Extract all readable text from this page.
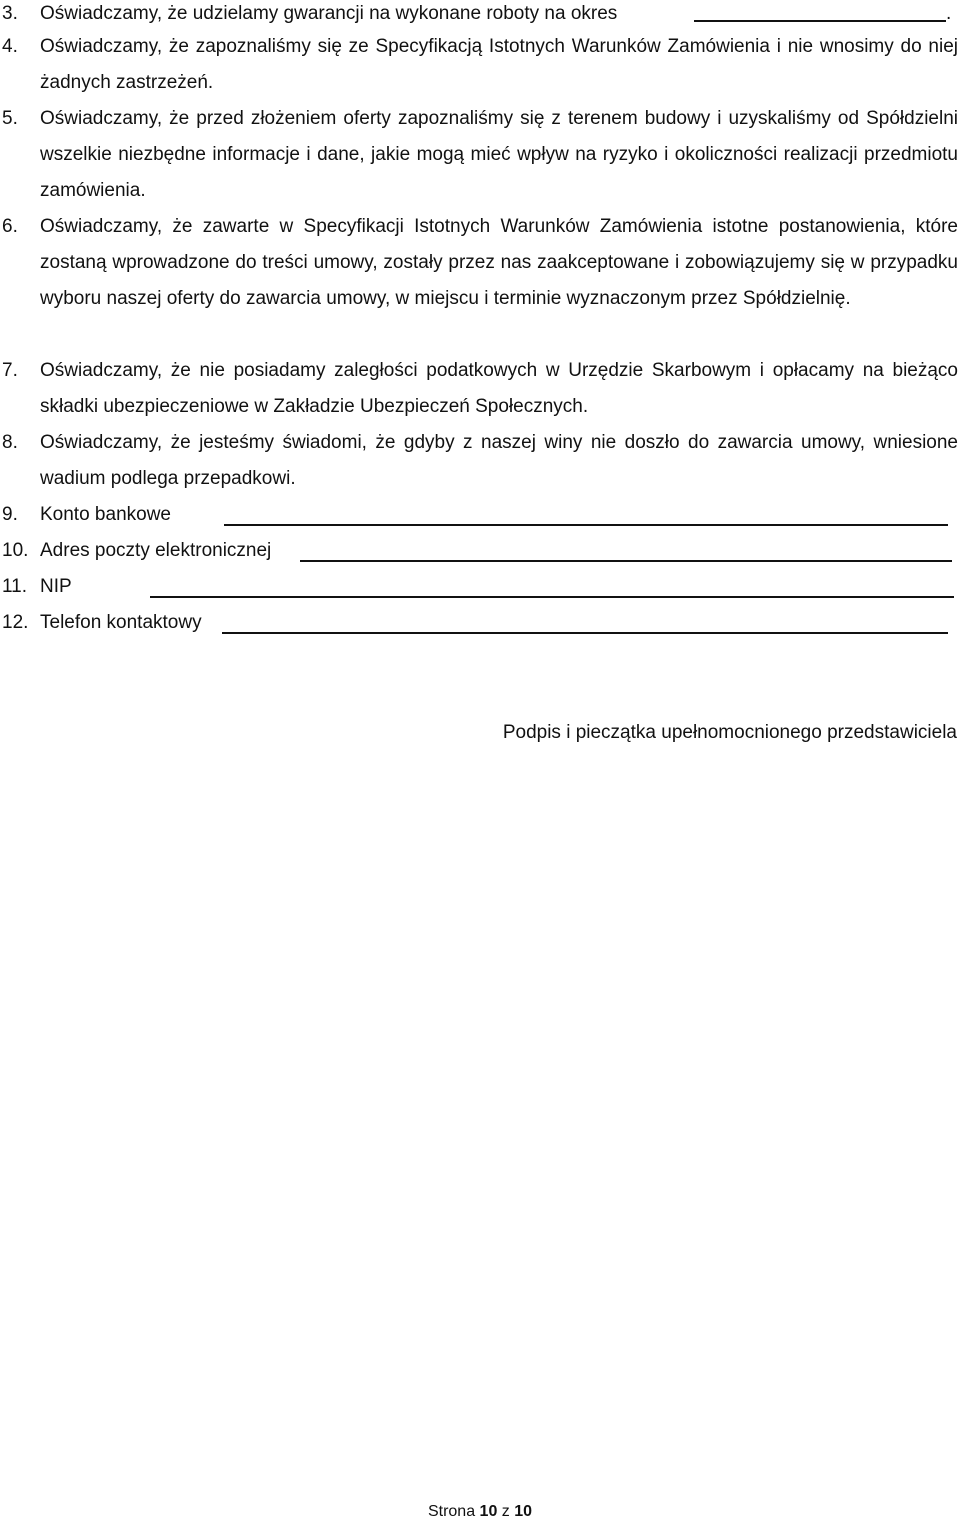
3.	Oświadczamy, że udzielamy gwarancji na wykonane roboty na okres	.
4.	Oświadczamy, że zapoznaliśmy się ze Specyfikacją Istotnych Warunków Zamówienia i nie wnosimy do niej żadnych zastrzeżeń.
5.	Oświadczamy, że przed złożeniem oferty zapoznaliśmy się z terenem budowy i uzyskaliśmy od Spółdzielni wszelkie niezbędne informacje i dane, jakie mogą mieć wpływ na ryzyko i okoliczności realizacji przedmiotu zamówienia.
6.	Oświadczamy, że zawarte w Specyfikacji Istotnych Warunków Zamówienia istotne postanowienia, które zostaną wprowadzone do treści umowy, zostały przez nas zaakceptowane i zobowiązujemy się w przypadku wyboru naszej oferty do zawarcia umowy, w miejscu i terminie wyznaczonym przez Spółdzielnię.
7.	Oświadczamy, że nie posiadamy zaległości podatkowych w Urzędzie Skarbowym i opłacamy na bieżąco składki ubezpieczeniowe w Zakładzie Ubezpieczeń Społecznych.
8.	Oświadczamy, że jesteśmy świadomi, że gdyby z naszej winy nie doszło do zawarcia umowy, wniesione wadium podlega przepadkowi.
9.	Konto bankowe
10. Adres poczty elektronicznej
11. NIP
12. Telefon kontaktowy
Podpis i pieczątka upełnomocnionego przedstawiciela
Strona 10 z 10
